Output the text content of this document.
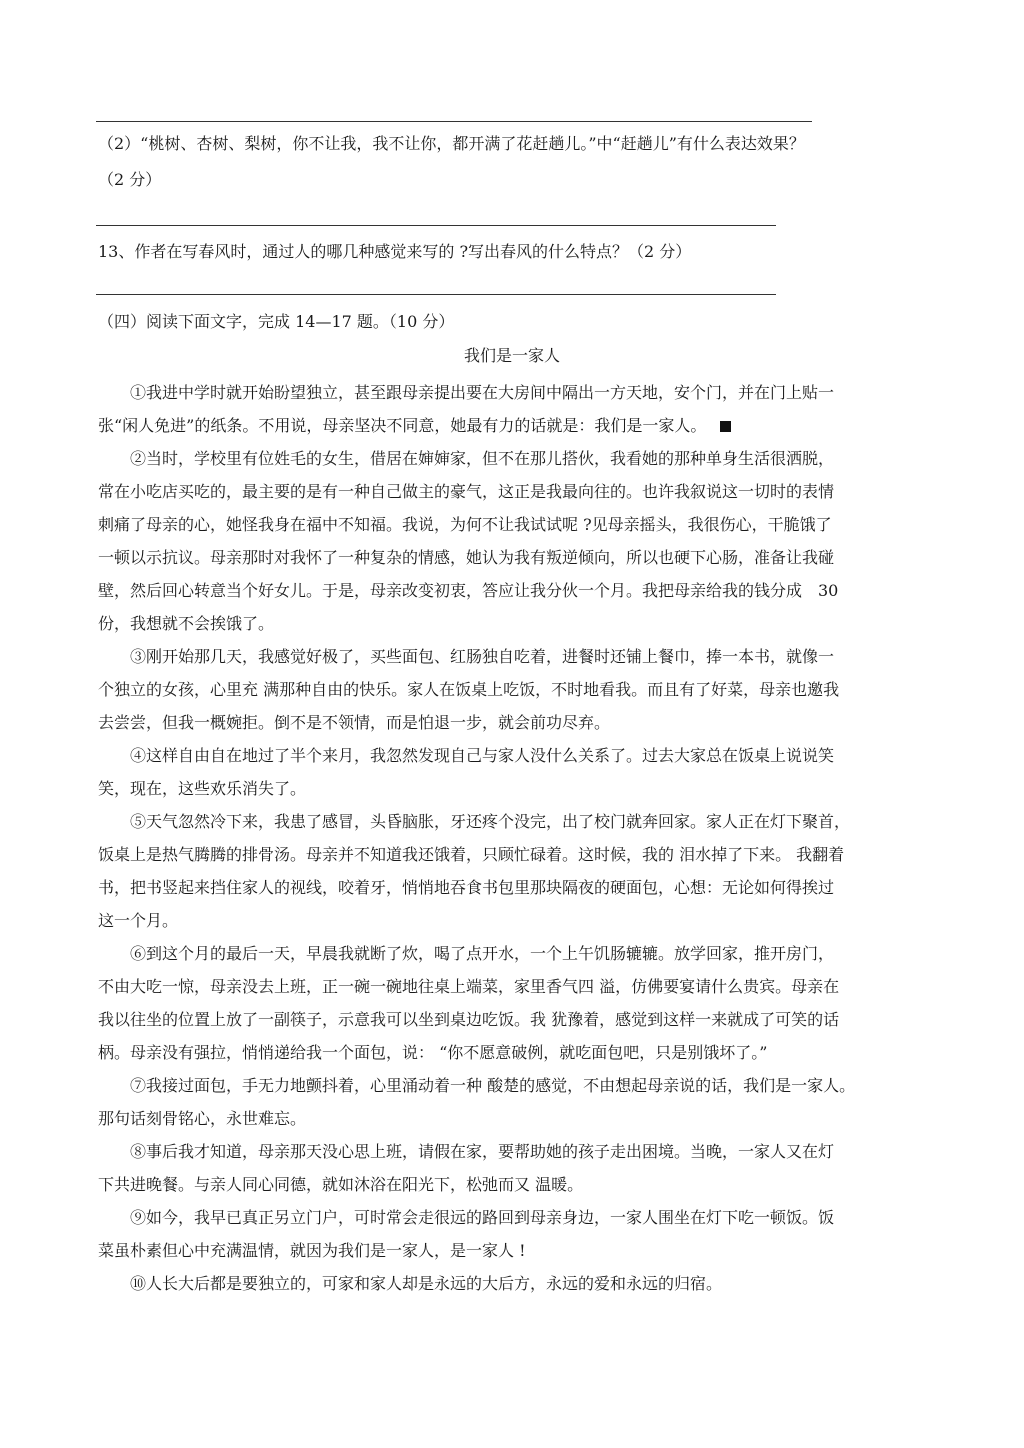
（2）“桃树、杏树、梨树，你不让我，我不让你，都开满了花赶趟儿。”中“赶趟儿”有什么表达效果？
（2 分）
13、作者在写春风时，通过人的哪几种感觉来写的 ?写出春风的什么特点？（2 分）
（四）阅读下面文字，完成 14—17 题。（10 分）
我们是一家人
①我进中学时就开始盼望独立，甚至跟母亲提出要在大房间中隔出一方天地，安个门，并在门上贴一
张“闲人免进”的纸条。不用说，母亲坚决不同意，她最有力的话就是：我们是一家人。
②当时，学校里有位姓毛的女生，借居在婶婶家，但不在那儿搭伙，我看她的那种单身生活很洒脱，
常在小吃店买吃的，最主要的是有一种自己做主的豪气，这正是我最向往的。也许我叙说这一切时的表情
刺痛了母亲的心，她怪我身在福中不知福。我说，为何不让我试试呢 ?见母亲摇头，我很伤心，干脆饿了
一顿以示抗议。母亲那时对我怀了一种复杂的情感，她认为我有叛逆倾向，所以也硬下心肠，准备让我碰
壁，然后回心转意当个好女儿。于是，母亲改变初衷，答应让我分伙一个月。我把母亲给我的钱分成　30
份，我想就不会挨饿了。
③刚开始那几天，我感觉好极了，买些面包、红肠独自吃着，进餐时还铺上餐巾，捧一本书，就像一
个独立的女孩，心里充 满那种自由的快乐。家人在饭桌上吃饭，不时地看我。而且有了好菜，母亲也邀我
去尝尝，但我一概婉拒。倒不是不领情，而是怕退一步，就会前功尽弃。
④这样自由自在地过了半个来月，我忽然发现自己与家人没什么关系了。过去大家总在饭桌上说说笑
笑，现在，这些欢乐消失了。
⑤天气忽然冷下来，我患了感冒，头昏脑胀，牙还疼个没完，出了校门就奔回家。家人正在灯下聚首，
饭桌上是热气腾腾的排骨汤。母亲并不知道我还饿着，只顾忙碌着。这时候，我的 泪水掉了下来。 我翻着
书，把书竖起来挡住家人的视线，咬着牙，悄悄地吞食书包里那块隔夜的硬面包，心想：无论如何得挨过
这一个月。
⑥到这个月的最后一天，早晨我就断了炊，喝了点开水，一个上午饥肠辘辘。放学回家，推开房门，
不由大吃一惊，母亲没去上班，正一碗一碗地往桌上端菜，家里香气四 溢，仿佛要宴请什么贵宾。母亲在
我以往坐的位置上放了一副筷子，示意我可以坐到桌边吃饭。我 犹豫着，感觉到这样一来就成了可笑的话
柄。母亲没有强拉，悄悄递给我一个面包，说： “你不愿意破例，就吃面包吧，只是别饿坏了。”
⑦我接过面包，手无力地颤抖着，心里涌动着一种 酸楚的感觉，不由想起母亲说的话，我们是一家人。
那句话刻骨铭心，永世难忘。
⑧事后我才知道，母亲那天没心思上班，请假在家，要帮助她的孩子走出困境。当晚，一家人又在灯
下共进晚餐。与亲人同心同德，就如沐浴在阳光下，松弛而又 温暖。
⑨如今，我早已真正另立门户，可时常会走很远的路回到母亲身边，一家人围坐在灯下吃一顿饭。饭
菜虽朴素但心中充满温情，就因为我们是一家人，是一家人 !
⑩人长大后都是要独立的，可家和家人却是永远的大后方，永远的爱和永远的归宿。
